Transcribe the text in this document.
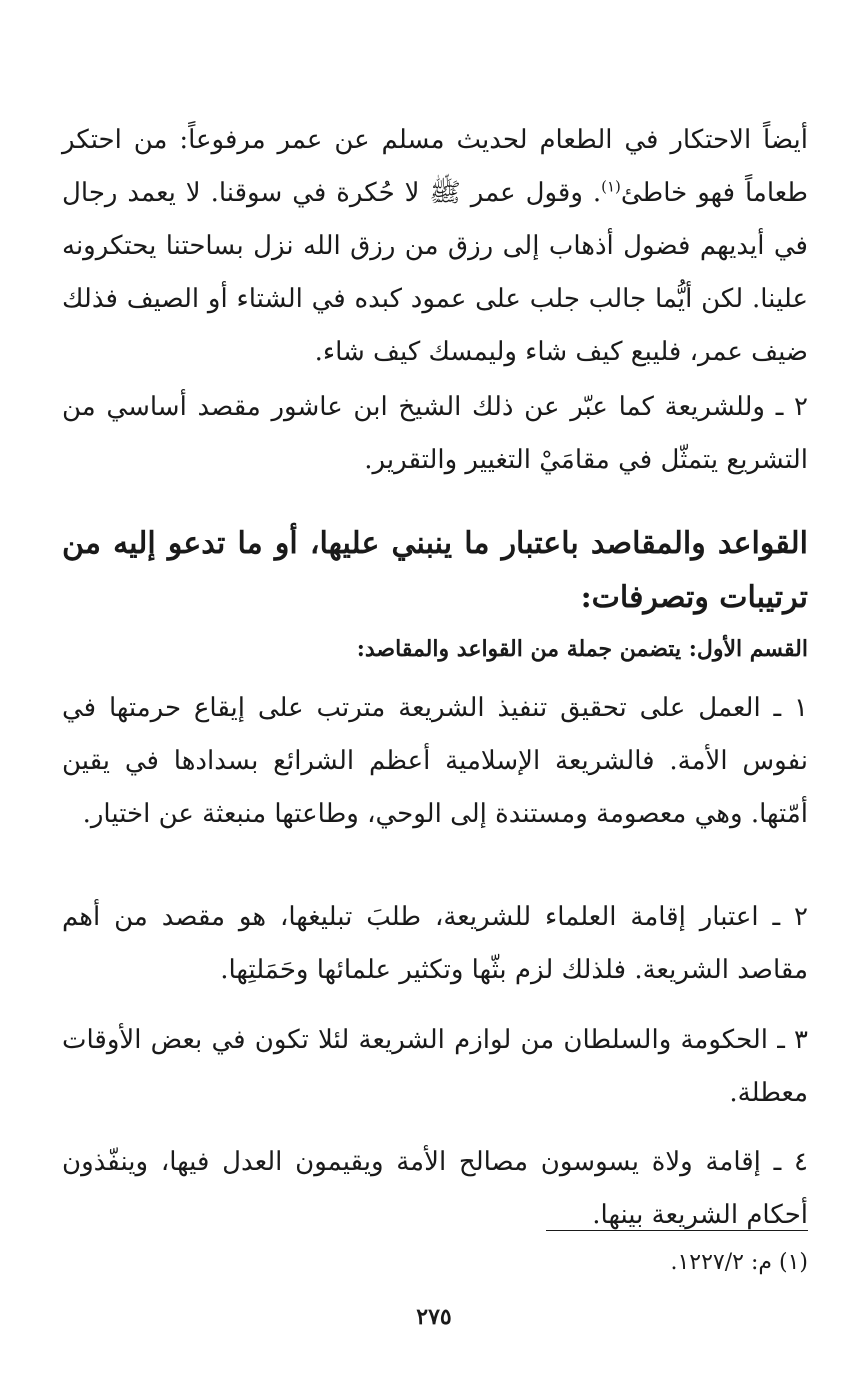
أيضاً الاحتكار في الطعام لحديث مسلم عن عمر مرفوعاً: من احتكر طعاماً فهو خاطئ$^{(١)}$. وقول عمر ﷺ لا حُكرة في سوقنا. لا يعمد رجال في أيديهم فضول أذهاب إلى رزق من رزق الله نزل بساحتنا يحتكرونه علينا. لكن أيُّما جالب جلب على عمود كبده في الشتاء أو الصيف فذلك ضيف عمر، فليبع كيف شاء وليمسك كيف شاء.

٢ ـ وللشريعة كما عبّر عن ذلك الشيخ ابن عاشور مقصد أساسي من التشريع يتمثّل في مقامَيْ التغيير والتقرير.

القواعد والمقاصد باعتبار ما ينبني عليها، أو ما تدعو إليه من ترتيبات وتصرفات:
القسم الأول: يتضمن جملة من القواعد والمقاصد:

١ ـ العمل على تحقيق تنفيذ الشريعة مترتب على إيقاع حرمتها في نفوس الأمة. فالشريعة الإسلامية أعظم الشرائع بسدادها في يقين أمّتها. وهي معصومة ومستندة إلى الوحي، وطاعتها منبعثة عن اختيار.

٢ ـ اعتبار إقامة العلماء للشريعة، طلبَ تبليغها، هو مقصد من أهم مقاصد الشريعة. فلذلك لزم بثّها وتكثير علمائها وحَمَلتِها.

٣ ـ الحكومة والسلطان من لوازم الشريعة لئلا تكون في بعض الأوقات معطلة.

٤ ـ إقامة ولاة يسوسون مصالح الأمة ويقيمون العدل فيها، وينفّذون أحكام الشريعة بينها.

(١) م: ١٢٢٧/٢.
٢٧٥
